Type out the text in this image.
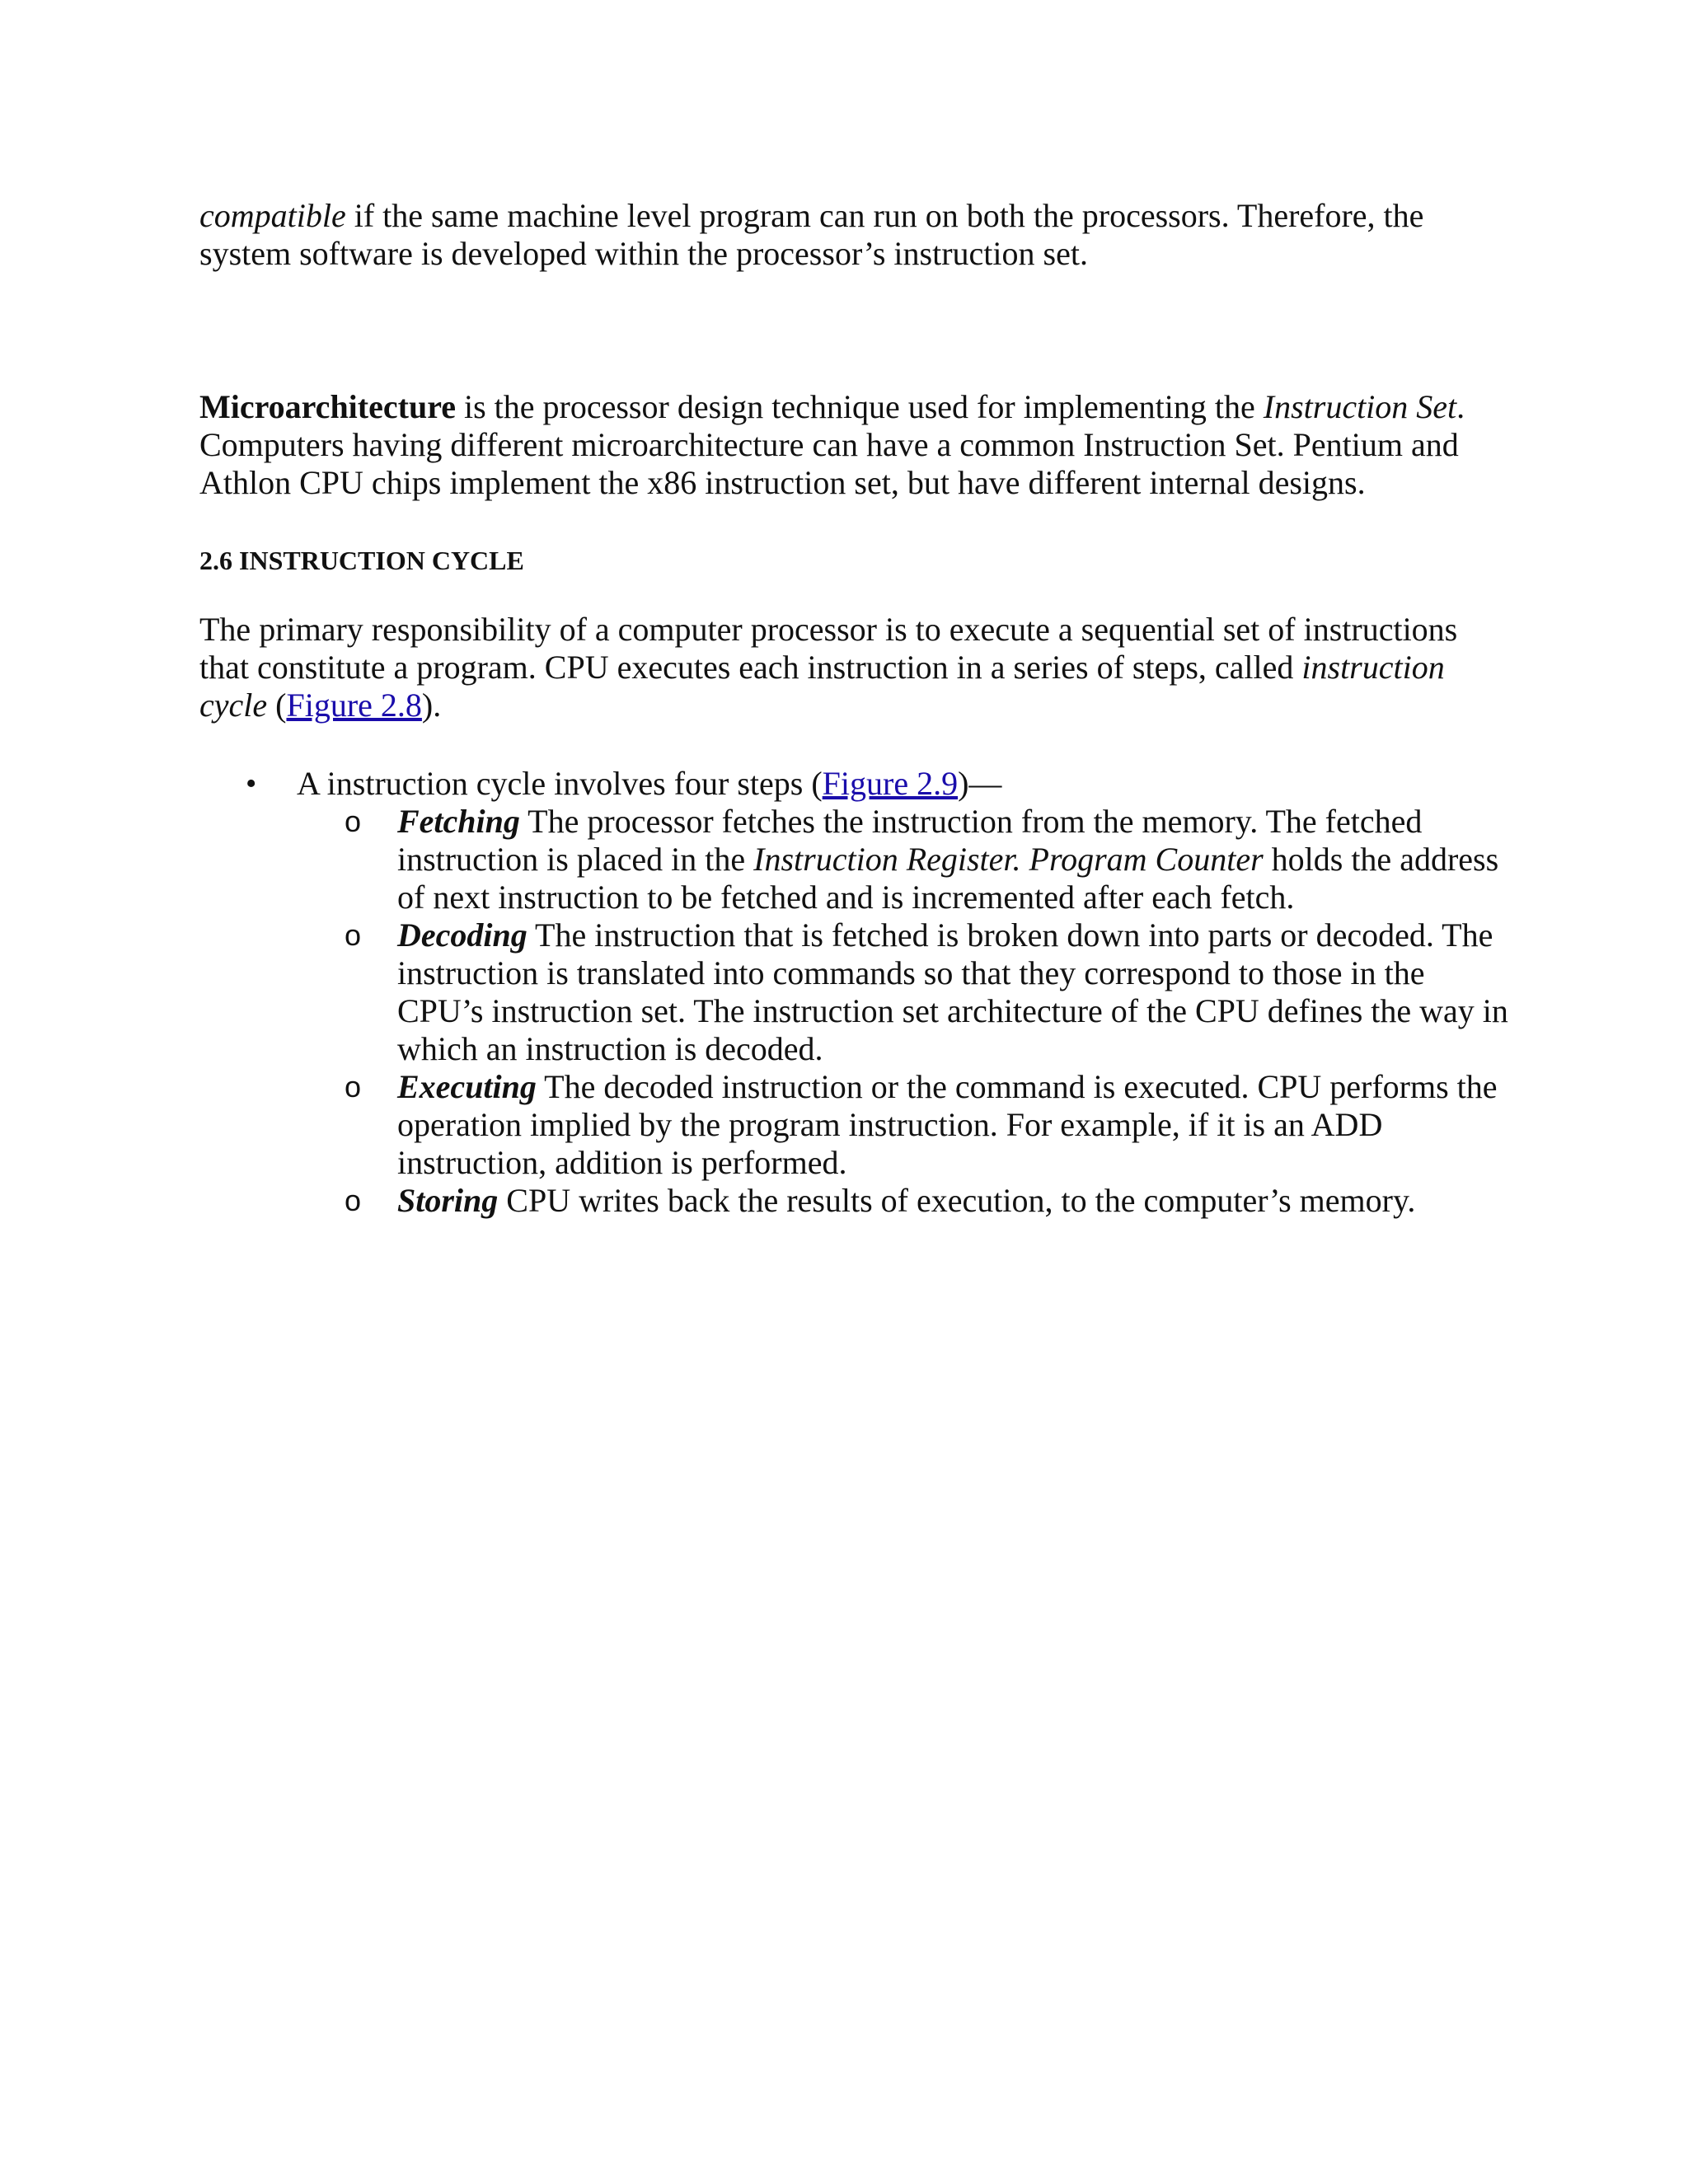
compatible if the same machine level program can run on both the processors. Therefore, the system software is developed within the processor’s instruction set.

Microarchitecture is the processor design technique used for implementing the Instruction Set. Computers having different microarchitecture can have a common Instruction Set. Pentium and Athlon CPU chips implement the x86 instruction set, but have different internal designs.

2.6 INSTRUCTION CYCLE

The primary responsibility of a computer processor is to execute a sequential set of instructions that constitute a program. CPU executes each instruction in a series of steps, called instruction cycle (Figure 2.8).

• A instruction cycle involves four steps (Figure 2.9)—
o Fetching The processor fetches the instruction from the memory. The fetched instruction is placed in the Instruction Register. Program Counter holds the address of next instruction to be fetched and is incremented after each fetch.
o Decoding The instruction that is fetched is broken down into parts or decoded. The instruction is translated into commands so that they correspond to those in the CPU’s instruction set. The instruction set architecture of the CPU defines the way in which an instruction is decoded.
o Executing The decoded instruction or the command is executed. CPU performs the operation implied by the program instruction. For example, if it is an ADD instruction, addition is performed.
o Storing CPU writes back the results of execution, to the computer’s memory.
